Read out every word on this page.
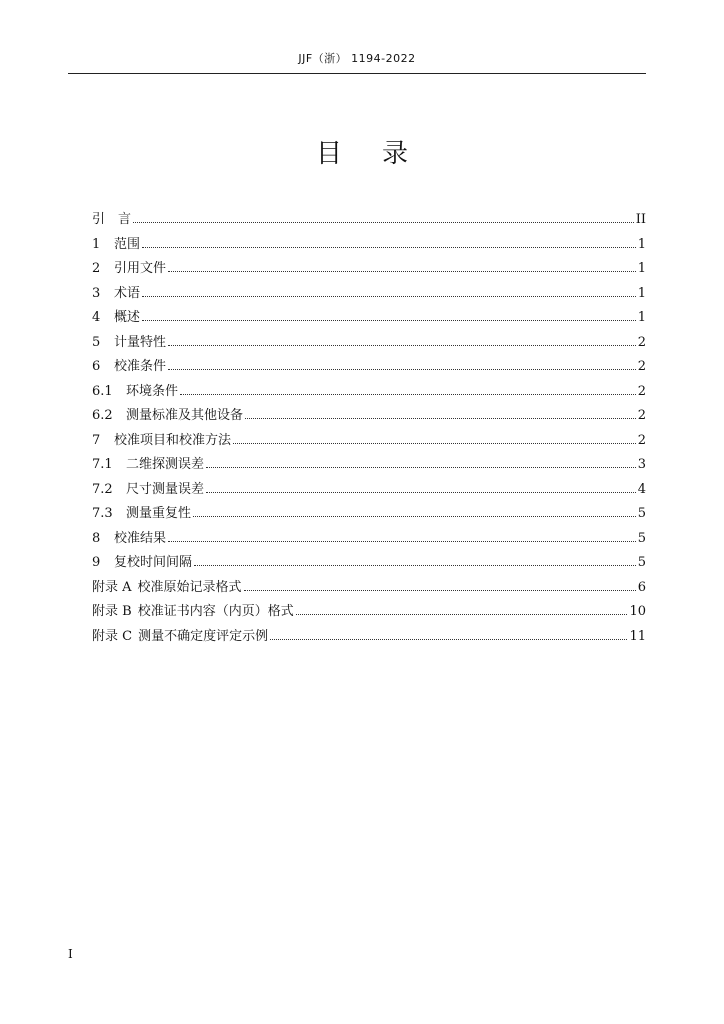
JJF（浙） 1194-2022
目录
引 言	II
1	范围	1
2	引用文件	1
3	术语	1
4	概述	1
5	计量特性	2
6	校准条件	2
6.1	环境条件	2
6.2	测量标准及其他设备	2
7	校准项目和校准方法	2
7.1	二维探测误差	3
7.2	尺寸测量误差	4
7.3	测量重复性	5
8	校准结果	5
9	复校时间间隔	5
附录 A 校准原始记录格式	6
附录 B 校准证书内容（内页）格式	10
附录 C 测量不确定度评定示例	11
I
